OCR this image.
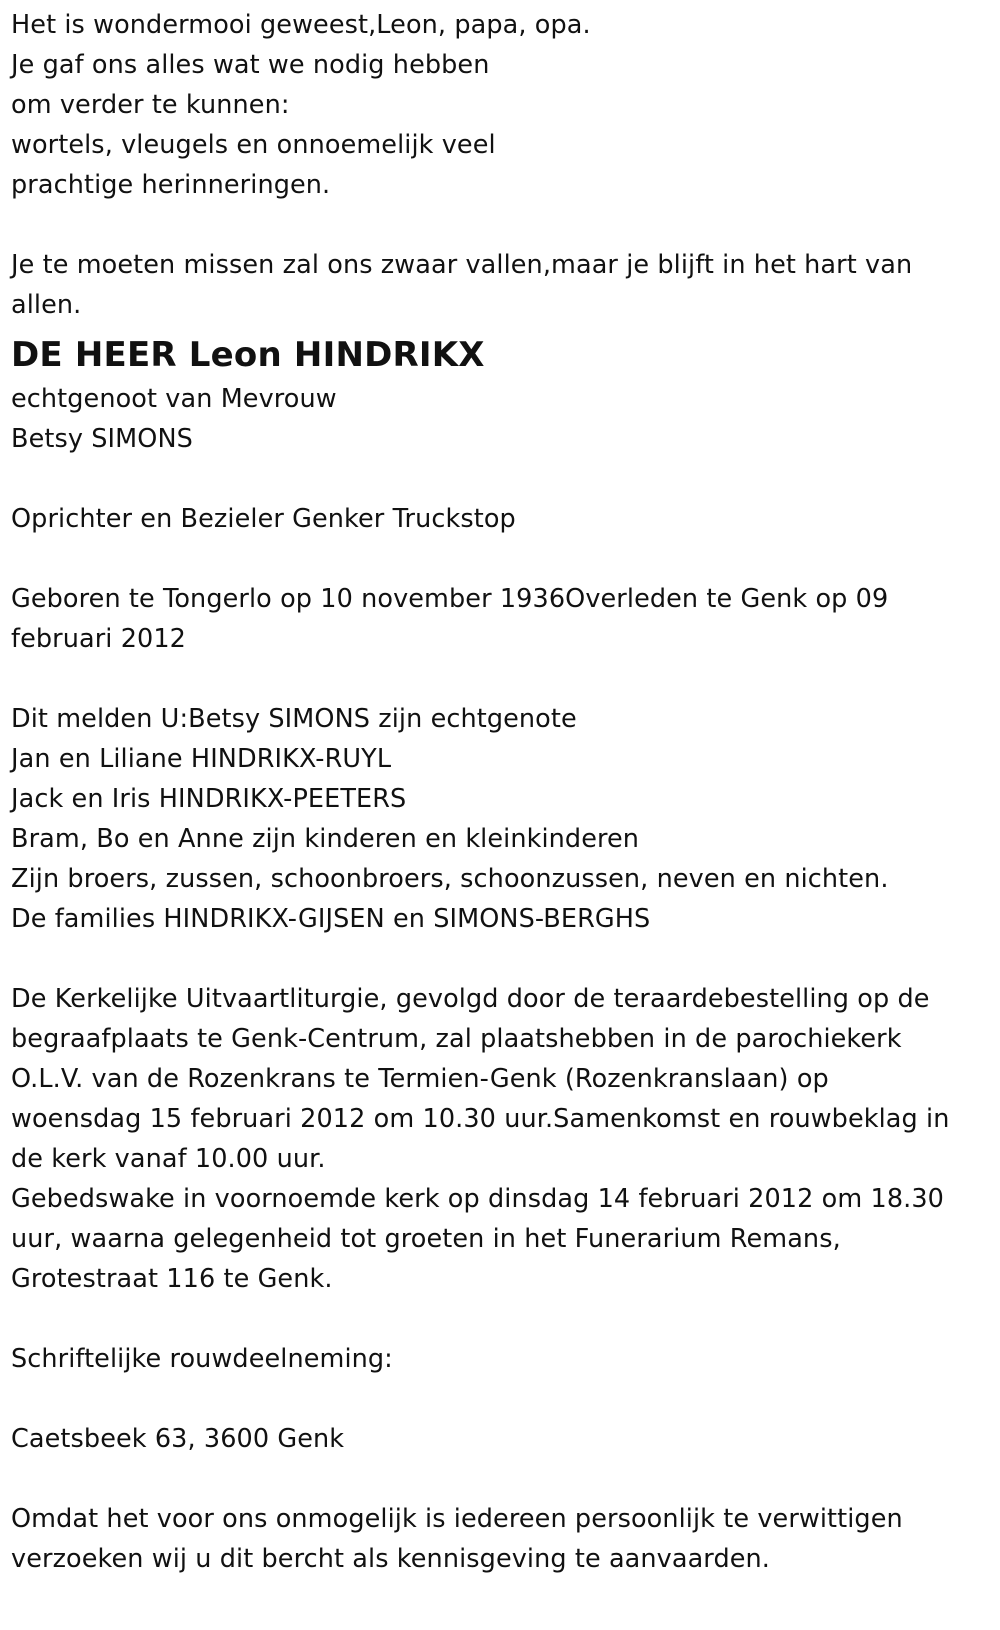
Het is wondermooi geweest,Leon, papa, opa.
Je gaf ons alles wat we nodig hebben
om verder te kunnen:
wortels, vleugels en onnoemelijk veel
prachtige herinneringen.
Je te moeten missen zal ons zwaar vallen,maar je blijft in het hart van
allen.
DE HEER Leon HINDRIKX
echtgenoot van Mevrouw
Betsy SIMONS
Oprichter en Bezieler Genker Truckstop
Geboren te Tongerlo op 10 november 1936Overleden te Genk op 09
februari 2012
Dit melden U:Betsy SIMONS zijn echtgenote
Jan en Liliane HINDRIKX-RUYL
Jack en Iris HINDRIKX-PEETERS
Bram, Bo en Anne zijn kinderen en kleinkinderen
Zijn broers, zussen, schoonbroers, schoonzussen, neven en nichten.
De families HINDRIKX-GIJSEN en SIMONS-BERGHS
De Kerkelijke Uitvaartliturgie, gevolgd door de teraardebestelling op de
begraafplaats te Genk-Centrum, zal plaatshebben in de parochiekerk
O.L.V. van de Rozenkrans te Termien-Genk (Rozenkranslaan) op
woensdag 15 februari 2012 om 10.30 uur.Samenkomst en rouwbeklag in
de kerk vanaf 10.00 uur.
Gebedswake in voornoemde kerk op dinsdag 14 februari 2012 om 18.30
uur, waarna gelegenheid tot groeten in het Funerarium Remans,
Grotestraat 116 te Genk.
Schriftelijke rouwdeelneming:
Caetsbeek 63, 3600 Genk
Omdat het voor ons onmogelijk is iedereen persoonlijk te verwittigen
verzoeken wij u dit bercht als kennisgeving te aanvaarden.
